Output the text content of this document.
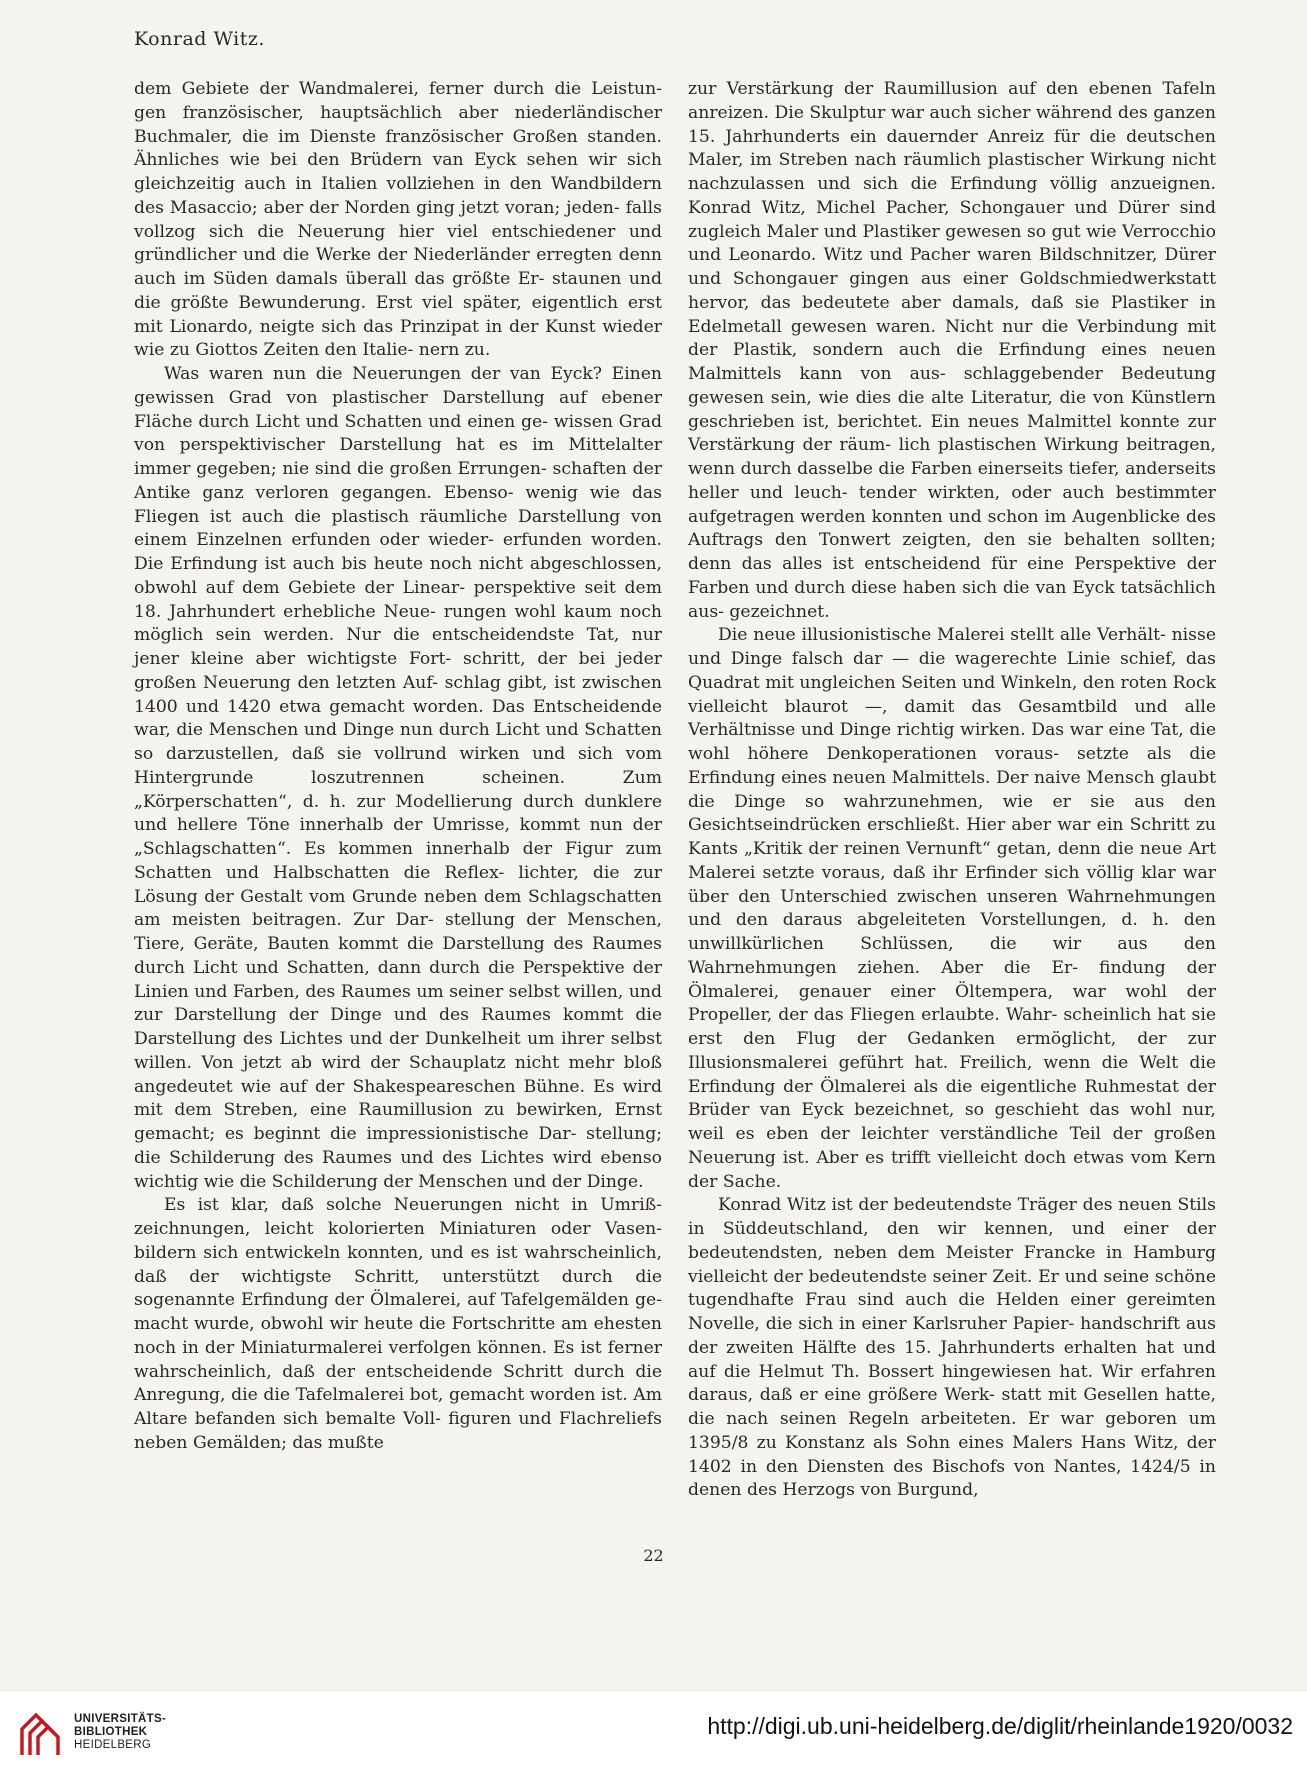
Konrad Witz.

dem Gebiete der Wandmalerei, ferner durch die Leistun- gen französischer, hauptsächlich aber niederländischer Buchmaler, die im Dienste französischer Großen standen. Ähnliches wie bei den Brüdern van Eyck sehen wir sich gleichzeitig auch in Italien vollziehen in den Wandbildern des Masaccio; aber der Norden ging jetzt voran; jeden- falls vollzog sich die Neuerung hier viel entschiedener und gründlicher und die Werke der Niederländer erregten denn auch im Süden damals überall das größte Er- staunen und die größte Bewunderung. Erst viel später, eigentlich erst mit Lionardo, neigte sich das Prinzipat in der Kunst wieder wie zu Giottos Zeiten den Italie- nern zu.

Was waren nun die Neuerungen der van Eyck? Einen gewissen Grad von plastischer Darstellung auf ebener Fläche durch Licht und Schatten und einen ge- wissen Grad von perspektivischer Darstellung hat es im Mittelalter immer gegeben; nie sind die großen Errungen- schaften der Antike ganz verloren gegangen. Ebenso- wenig wie das Fliegen ist auch die plastisch räumliche Darstellung von einem Einzelnen erfunden oder wieder- erfunden worden. Die Erfindung ist auch bis heute noch nicht abgeschlossen, obwohl auf dem Gebiete der Linear- perspektive seit dem 18. Jahrhundert erhebliche Neue- rungen wohl kaum noch möglich sein werden. Nur die entscheidendste Tat, nur jener kleine aber wichtigste Fort- schritt, der bei jeder großen Neuerung den letzten Auf- schlag gibt, ist zwischen 1400 und 1420 etwa gemacht worden. Das Entscheidende war, die Menschen und Dinge nun durch Licht und Schatten so darzustellen, daß sie vollrund wirken und sich vom Hintergrunde loszutrennen scheinen. Zum „Körperschatten“, d. h. zur Modellierung durch dunklere und hellere Töne innerhalb der Umrisse, kommt nun der „Schlagschatten“. Es kommen innerhalb der Figur zum Schatten und Halbschatten die Reflex- lichter, die zur Lösung der Gestalt vom Grunde neben dem Schlagschatten am meisten beitragen. Zur Dar- stellung der Menschen, Tiere, Geräte, Bauten kommt die Darstellung des Raumes durch Licht und Schatten, dann durch die Perspektive der Linien und Farben, des Raumes um seiner selbst willen, und zur Darstellung der Dinge und des Raumes kommt die Darstellung des Lichtes und der Dunkelheit um ihrer selbst willen. Von jetzt ab wird der Schauplatz nicht mehr bloß angedeutet wie auf der Shakespeareschen Bühne. Es wird mit dem Streben, eine Raumillusion zu bewirken, Ernst gemacht; es beginnt die impressionistische Dar- stellung; die Schilderung des Raumes und des Lichtes wird ebenso wichtig wie die Schilderung der Menschen und der Dinge.

Es ist klar, daß solche Neuerungen nicht in Umriß- zeichnungen, leicht kolorierten Miniaturen oder Vasen- bildern sich entwickeln konnten, und es ist wahrscheinlich, daß der wichtigste Schritt, unterstützt durch die sogenannte Erfindung der Ölmalerei, auf Tafelgemälden ge- macht wurde, obwohl wir heute die Fortschritte am ehesten noch in der Miniaturmalerei verfolgen können. Es ist ferner wahrscheinlich, daß der entscheidende Schritt durch die Anregung, die die Tafelmalerei bot, gemacht worden ist. Am Altare befanden sich bemalte Voll- figuren und Flachreliefs neben Gemälden; das mußte

zur Verstärkung der Raumillusion auf den ebenen Tafeln anreizen. Die Skulptur war auch sicher während des ganzen 15. Jahrhunderts ein dauernder Anreiz für die deutschen Maler, im Streben nach räumlich plastischer Wirkung nicht nachzulassen und sich die Erfindung völlig anzueignen. Konrad Witz, Michel Pacher, Schongauer und Dürer sind zugleich Maler und Plastiker gewesen so gut wie Verrocchio und Leonardo. Witz und Pacher waren Bildschnitzer, Dürer und Schongauer gingen aus einer Goldschmiedwerkstatt hervor, das bedeutete aber damals, daß sie Plastiker in Edelmetall gewesen waren. Nicht nur die Verbindung mit der Plastik, sondern auch die Erfindung eines neuen Malmittels kann von aus- schlaggebender Bedeutung gewesen sein, wie dies die alte Literatur, die von Künstlern geschrieben ist, berichtet. Ein neues Malmittel konnte zur Verstärkung der räum- lich plastischen Wirkung beitragen, wenn durch dasselbe die Farben einerseits tiefer, anderseits heller und leuch- tender wirkten, oder auch bestimmter aufgetragen werden konnten und schon im Augenblicke des Auftrags den Tonwert zeigten, den sie behalten sollten; denn das alles ist entscheidend für eine Perspektive der Farben und durch diese haben sich die van Eyck tatsächlich aus- gezeichnet.

Die neue illusionistische Malerei stellt alle Verhält- nisse und Dinge falsch dar — die wagerechte Linie schief, das Quadrat mit ungleichen Seiten und Winkeln, den roten Rock vielleicht blaurot —, damit das Gesamtbild und alle Verhältnisse und Dinge richtig wirken. Das war eine Tat, die wohl höhere Denkoperationen voraus- setzte als die Erfindung eines neuen Malmittels. Der naive Mensch glaubt die Dinge so wahrzunehmen, wie er sie aus den Gesichtseindrücken erschließt. Hier aber war ein Schritt zu Kants „Kritik der reinen Vernunft“ getan, denn die neue Art Malerei setzte voraus, daß ihr Erfinder sich völlig klar war über den Unterschied zwischen unseren Wahrnehmungen und den daraus abgeleiteten Vorstellungen, d. h. den unwillkürlichen Schlüssen, die wir aus den Wahrnehmungen ziehen. Aber die Er- findung der Ölmalerei, genauer einer Öltempera, war wohl der Propeller, der das Fliegen erlaubte. Wahr- scheinlich hat sie erst den Flug der Gedanken ermöglicht, der zur Illusionsmalerei geführt hat. Freilich, wenn die Welt die Erfindung der Ölmalerei als die eigentliche Ruhmestat der Brüder van Eyck bezeichnet, so geschieht das wohl nur, weil es eben der leichter verständliche Teil der großen Neuerung ist. Aber es trifft vielleicht doch etwas vom Kern der Sache.

Konrad Witz ist der bedeutendste Träger des neuen Stils in Süddeutschland, den wir kennen, und einer der bedeutendsten, neben dem Meister Francke in Hamburg vielleicht der bedeutendste seiner Zeit. Er und seine schöne tugendhafte Frau sind auch die Helden einer gereimten Novelle, die sich in einer Karlsruher Papier- handschrift aus der zweiten Hälfte des 15. Jahrhunderts erhalten hat und auf die Helmut Th. Bossert hingewiesen hat. Wir erfahren daraus, daß er eine größere Werk- statt mit Gesellen hatte, die nach seinen Regeln arbeiteten. Er war geboren um 1395/8 zu Konstanz als Sohn eines Malers Hans Witz, der 1402 in den Diensten des Bischofs von Nantes, 1424/5 in denen des Herzogs von Burgund,

22
UNIVERSITÄTS-
BIBLIOTHEK
HEIDELBERG
http://digi.ub.uni-heidelberg.de/diglit/rheinlande1920/0032
